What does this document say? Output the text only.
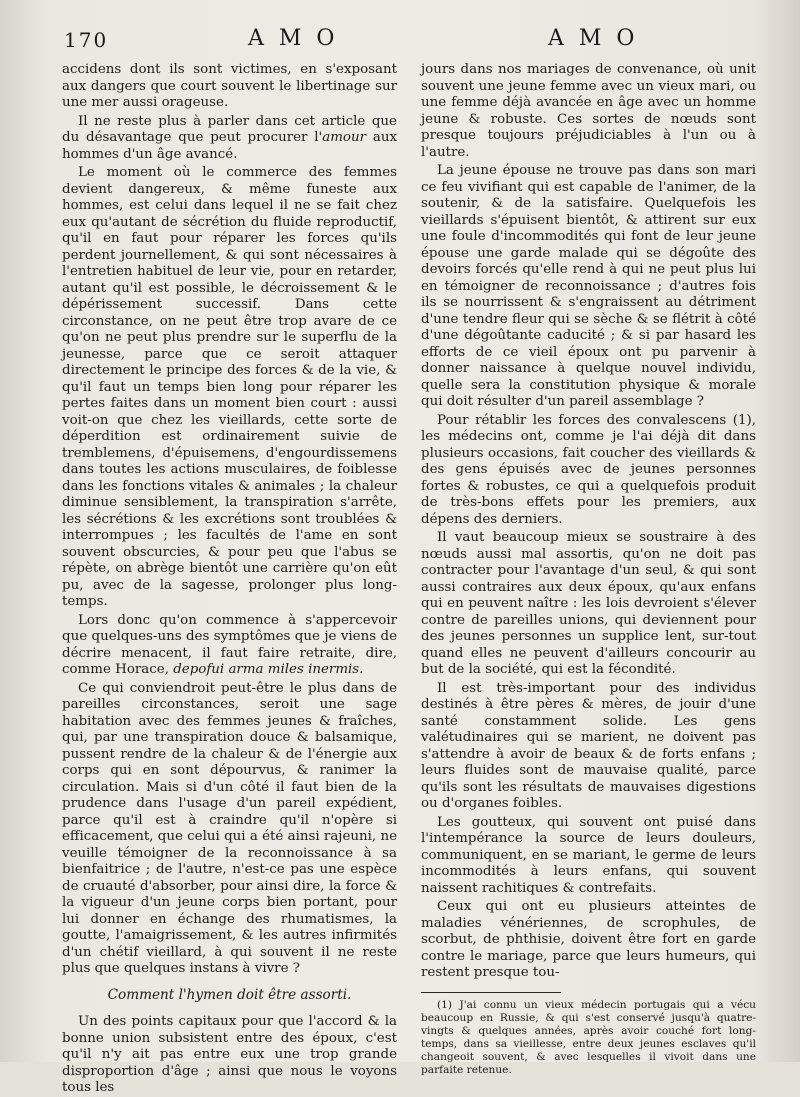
170	A M O	A M O

accidens dont ils sont victimes, en s'exposant aux dangers que court souvent le libertinage sur une mer aussi orageuse.

Il ne reste plus à parler dans cet article que du désavantage que peut procurer l'amour aux hommes d'un âge avancé.

Le moment où le commerce des femmes devient dangereux, & même funeste aux hommes, est celui dans lequel il ne se fait chez eux qu'autant de sécrétion du fluide reproductif, qu'il en faut pour réparer les forces qu'ils perdent journellement, & qui sont nécessaires à l'entretien habituel de leur vie, pour en retarder, autant qu'il est possible, le décroissement & le dépérissement successif. Dans cette circonstance, on ne peut être trop avare de ce qu'on ne peut plus prendre sur le superflu de la jeunesse, parce que ce seroit attaquer directement le principe des forces & de la vie, & qu'il faut un temps bien long pour réparer les pertes faites dans un moment bien court : aussi voit-on que chez les vieillards, cette sorte de déperdition est ordinairement suivie de tremblemens, d'épuisemens, d'engourdissemens dans toutes les actions musculaires, de foiblesse dans les fonctions vitales & animales ; la chaleur diminue sensiblement, la transpiration s'arrête, les sécrétions & les excrétions sont troublées & interrompues ; les facultés de l'ame en sont souvent obscurcies, & pour peu que l'abus se répète, on abrège bientôt une carrière qu'on eût pu, avec de la sagesse, prolonger plus long-temps.

Lors donc qu'on commence à s'appercevoir que quelques-uns des symptômes que je viens de décrire menacent, il faut faire retraite, dire, comme Horace, depofui arma miles inermis.

Ce qui conviendroit peut-être le plus dans de pareilles circonstances, seroit une sage habitation avec des femmes jeunes & fraîches, qui, par une transpiration douce & balsamique, pussent rendre de la chaleur & de l'énergie aux corps qui en sont dépourvus, & ranimer la circulation. Mais si d'un côté il faut bien de la prudence dans l'usage d'un pareil expédient, parce qu'il est à craindre qu'il n'opère si efficacement, que celui qui a été ainsi rajeuni, ne veuille témoigner de la reconnoissance à sa bienfaitrice ; de l'autre, n'est-ce pas une espèce de cruauté d'absorber, pour ainsi dire, la force & la vigueur d'un jeune corps bien portant, pour lui donner en échange des rhumatismes, la goutte, l'amaigrissement, & les autres infirmités d'un chétif vieillard, à qui souvent il ne reste plus que quelques instans à vivre ?

Comment l'hymen doit être assorti.

Un des points capitaux pour que l'accord & la bonne union subsistent entre des époux, c'est qu'il n'y ait pas entre eux une trop grande disproportion d'âge ; ainsi que nous le voyons tous les

jours dans nos mariages de convenance, où unit souvent une jeune femme avec un vieux mari, ou une femme déjà avancée en âge avec un homme jeune & robuste. Ces sortes de nœuds sont presque toujours préjudiciables à l'un ou à l'autre.

La jeune épouse ne trouve pas dans son mari ce feu vivifiant qui est capable de l'animer, de la soutenir, & de la satisfaire. Quelquefois les vieillards s'épuisent bientôt, & attirent sur eux une foule d'incommodités qui font de leur jeune épouse une garde malade qui se dégoûte des devoirs forcés qu'elle rend à qui ne peut plus lui en témoigner de reconnoissance ; d'autres fois ils se nourrissent & s'engraissent au détriment d'une tendre fleur qui se sèche & se flétrit à côté d'une dégoûtante caducité ; & si par hasard les efforts de ce vieil époux ont pu parvenir à donner naissance à quelque nouvel individu, quelle sera la constitution physique & morale qui doit résulter d'un pareil assemblage ?

Pour rétablir les forces des convalescens (1), les médecins ont, comme je l'ai déjà dit dans plusieurs occasions, fait coucher des vieillards & des gens épuisés avec de jeunes personnes fortes & robustes, ce qui a quelquefois produit de très-bons effets pour les premiers, aux dépens des derniers.

Il vaut beaucoup mieux se soustraire à des nœuds aussi mal assortis, qu'on ne doit pas contracter pour l'avantage d'un seul, & qui sont aussi contraires aux deux époux, qu'aux enfans qui en peuvent naître : les lois devroient s'élever contre de pareilles unions, qui deviennent pour des jeunes personnes un supplice lent, sur-tout quand elles ne peuvent d'ailleurs concourir au but de la société, qui est la fécondité.

Il est très-important pour des individus destinés à être pères & mères, de jouir d'une santé constamment solide. Les gens valétudinaires qui se marient, ne doivent pas s'attendre à avoir de beaux & de forts enfans ; leurs fluides sont de mauvaise qualité, parce qu'ils sont les résultats de mauvaises digestions ou d'organes foibles.

Les goutteux, qui souvent ont puisé dans l'intempérance la source de leurs douleurs, communiquent, en se mariant, le germe de leurs incommodités à leurs enfans, qui souvent naissent rachitiques & contrefaits.

Ceux qui ont eu plusieurs atteintes de maladies vénériennes, de scrophules, de scorbut, de phthisie, doivent être fort en garde contre le mariage, parce que leurs humeurs, qui restent presque tou-

(1) J'ai connu un vieux médecin portugais qui a vécu beaucoup en Russie, & qui s'est conservé jusqu'à quatre-vingts & quelques années, après avoir couché fort long-temps, dans sa vieillesse, entre deux jeunes esclaves qu'il changeoit souvent, & avec lesquelles il vivoit dans une parfaite retenue.
